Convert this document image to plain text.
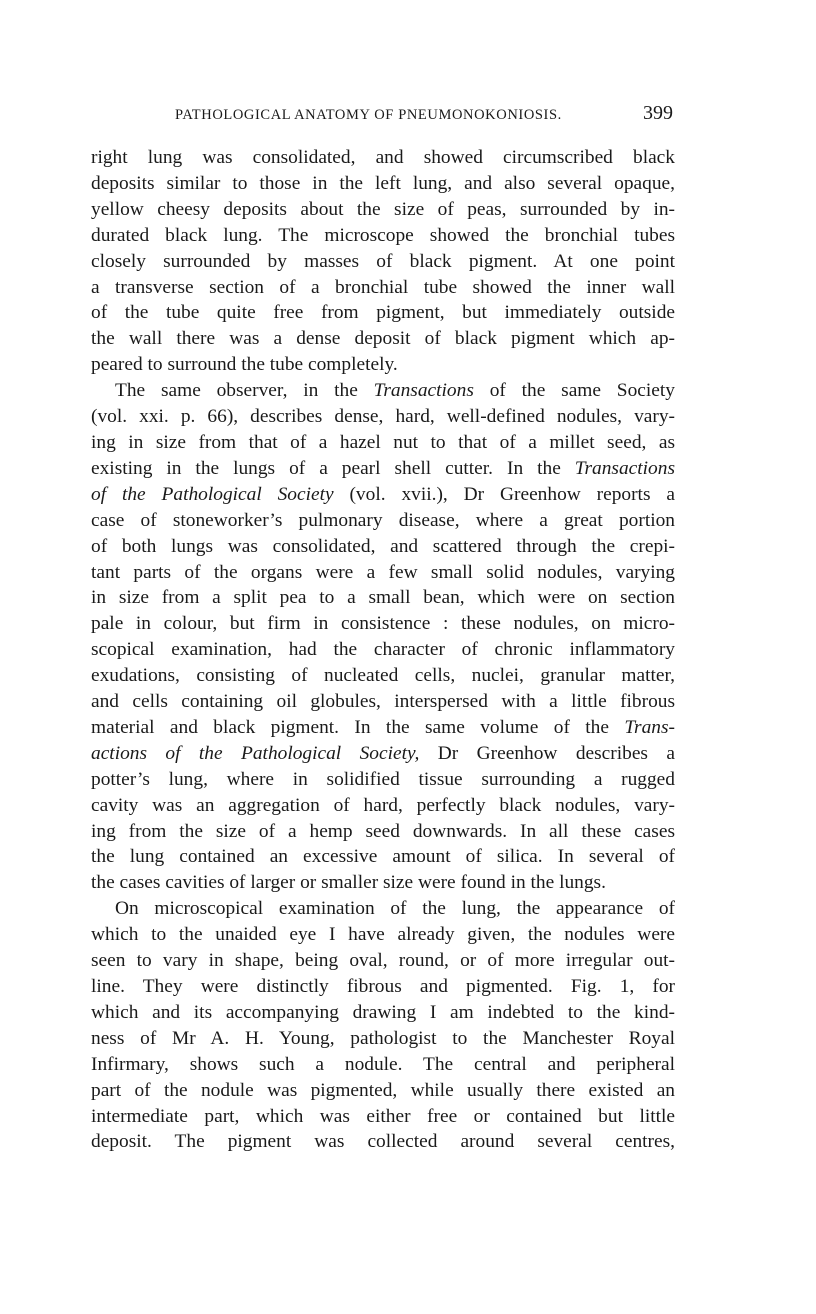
PATHOLOGICAL ANATOMY OF PNEUMONOKONIOSIS.	399
right lung was consolidated, and showed circumscribed black
deposits similar to those in the left lung, and also several opaque,
yellow cheesy deposits about the size of peas, surrounded by in-
durated black lung. The microscope showed the bronchial tubes
closely surrounded by masses of black pigment. At one point
a transverse section of a bronchial tube showed the inner wall
of the tube quite free from pigment, but immediately outside
the wall there was a dense deposit of black pigment which ap-
peared to surround the tube completely.
The same observer, in the Transactions of the same Society
(vol. xxi. p. 66), describes dense, hard, well-defined nodules, vary-
ing in size from that of a hazel nut to that of a millet seed, as
existing in the lungs of a pearl shell cutter. In the Transactions
of the Pathological Society (vol. xvii.), Dr Greenhow reports a
case of stoneworker’s pulmonary disease, where a great portion
of both lungs was consolidated, and scattered through the crepi-
tant parts of the organs were a few small solid nodules, varying
in size from a split pea to a small bean, which were on section
pale in colour, but firm in consistence : these nodules, on micro-
scopical examination, had the character of chronic inflammatory
exudations, consisting of nucleated cells, nuclei, granular matter,
and cells containing oil globules, interspersed with a little fibrous
material and black pigment. In the same volume of the Trans-
actions of the Pathological Society, Dr Greenhow describes a
potter’s lung, where in solidified tissue surrounding a rugged
cavity was an aggregation of hard, perfectly black nodules, vary-
ing from the size of a hemp seed downwards. In all these cases
the lung contained an excessive amount of silica. In several of
the cases cavities of larger or smaller size were found in the lungs.
On microscopical examination of the lung, the appearance of
which to the unaided eye I have already given, the nodules were
seen to vary in shape, being oval, round, or of more irregular out-
line. They were distinctly fibrous and pigmented. Fig. 1, for
which and its accompanying drawing I am indebted to the kind-
ness of Mr A. H. Young, pathologist to the Manchester Royal
Infirmary, shows such a nodule. The central and peripheral
part of the nodule was pigmented, while usually there existed an
intermediate part, which was either free or contained but little
deposit. The pigment was collected around several centres,
